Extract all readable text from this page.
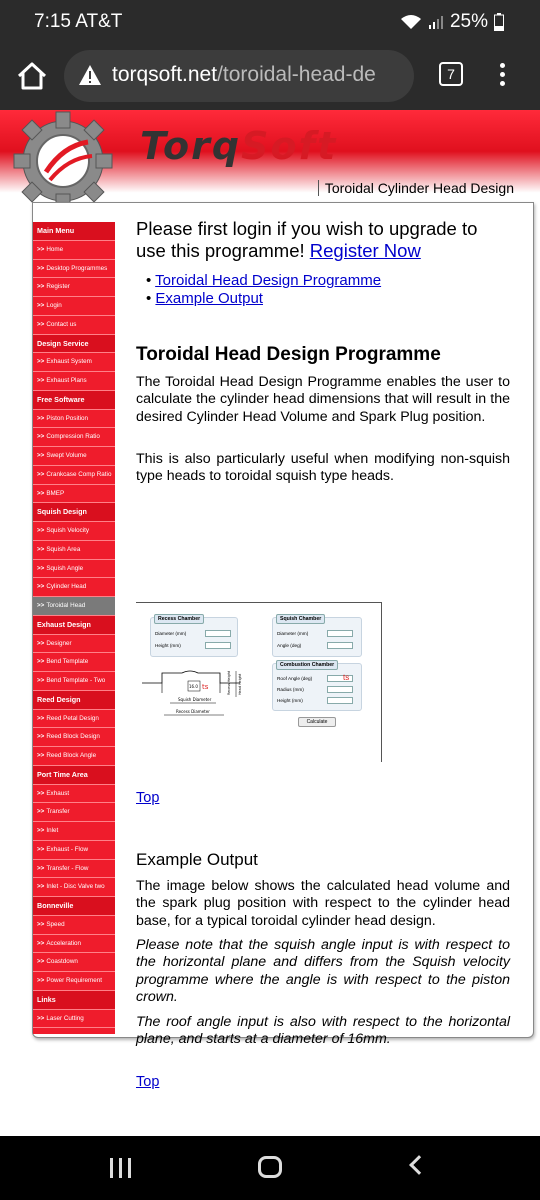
7:15 AT&T	25%
torqsoft.net/toroidal-head-de	7
TorqSoft
Toroidal Cylinder Head Design
Main Menu
>> Home
>> Desktop Programmes
>> Register
>> Login
>> Contact us
Design Service
>> Exhaust System
>> Exhaust Plans
Free Software
>> Piston Position
>> Compression Ratio
>> Swept Volume
>> Crankcase Comp Ratio
>> BMEP
Squish Design
>> Squish Velocity
>> Squish Area
>> Squish Angle
>> Cylinder Head
>> Toroidal Head
Exhaust Design
>> Designer
>> Bend Template
>> Bend Template - Two
Reed Design
>> Reed Petal Design
>> Reed Block Design
>> Reed Block Angle
Port Time Area
>> Exhaust
>> Transfer
>> Inlet
>> Exhaust - Flow
>> Transfer - Flow
>> Inlet - Disc Valve two
Bonneville
>> Speed
>> Acceleration
>> Coastdown
>> Power Requirement
Links
>> Laser Cutting
Please first login if you wish to upgrade to use this programme! Register Now
• Toroidal Head Design Programme
• Example Output
Toroidal Head Design Programme

The Toroidal Head Design Programme enables the user to calculate the cylinder head dimensions that will result in the desired Cylinder Head Volume and Spark Plug position.

This is also particularly useful when modifying non-squish type heads to toroidal squish type heads.

Recess Chamber
Diameter (mm)
Height (mm)
Squish Chamber
Diameter (mm)
Angle (deg)
Combustion Chamber
Roof Angle (deg)
Radius (mm)
Height (mm)
ts
Squish Diameter
Recess Diameter
16.0 ts	Recess Height Head Height
Calculate
Top
Example Output

The image below shows the calculated head volume and the spark plug position with respect to the cylinder head base, for a typical toroidal cylinder head design.

Please note that the squish angle input is with respect to the horizontal plane and differs from the Squish velocity programme where the angle is with respect to the piston crown.

The roof angle input is also with respect to the horizontal plane, and starts at a diameter of 16mm.

Top
